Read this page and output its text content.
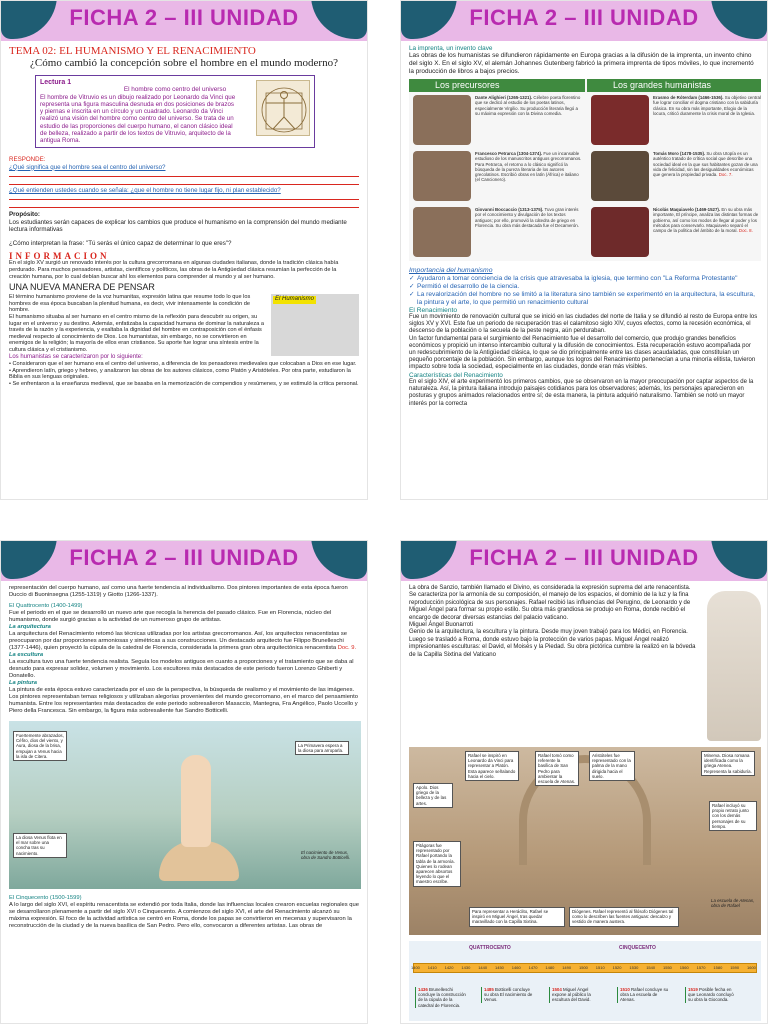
FICHA 2 – III UNIDAD
TEMA 02: EL HUMANISMO Y EL RENACIMIENTO
¿Cómo cambió la concepción sobre el hombre en el mundo moderno?
Lectura 1
El hombre como centro del universo
El hombre de Vitruvio es un dibujo realizado por Leonardo da Vinci que representa una figura masculina desnuda en dos posiciones de brazos y piernas e inscrita en un círculo y un cuadrado. Leonardo da Vinci realizó una visión del hombre como centro del universo. Se trata de un estudio de las proporciones del cuerpo humano, el canon clásico ideal de belleza, realizado a partir de los textos de Vitruvio, arquitecto de la antigua Roma.
RESPONDE:
¿Qué significa que el hombre sea el centro del universo?
¿Qué entienden ustedes cuando se señala: ¿que el hombre no tiene lugar fijo, ni plan establecido?
Propósito:
Los estudiantes serán capaces de explicar los cambios que produce el humanismo en la comprensión del mundo mediante lectura informativas
¿Cómo interpretan la frase: "Tú serás el único capaz de determinar lo que eres"?
INFORMACION
En el siglo XV surgió un renovado interés por la cultura grecorromana en algunas ciudades italianas, donde la tradición clásica había perdurado. Para muchos pensadores, artistas, científicos y políticos, las obras de la Antigüedad clásica resumían la perfección de la creación humana, por lo cual debían buscar ahí los elementos para comprender al mundo y al ser humano.
UNA NUEVA MANERA DE PENSAR
El Humanismo
El término humanismo proviene de la voz humanitas, expresión latina que resume todo lo que los hombres de esa época buscaban la plenitud humana, es decir, vivir intensamente la condición de hombre.
El humanismo situaba al ser humano en el centro mismo de la reflexión para descubrir su origen, su lugar en el universo y su destino. Además, enfatizaba la capacidad humana de dominar la naturaleza a través de la razón y la experiencia, y exaltaba la dignidad del hombre en contraposición con el énfasis medieval respecto al conocimiento de Dios. Los humanistas, sin embargo, no se convirtieron en enemigos de la religión; la mayoría de ellos eran cristianos. Su aporte fue lograr una síntesis entre la cultura clásica y el cristianismo.
Los humanistas se caracterizaron por lo siguiente:
• Consideraron que el ser humano era el centro del universo, a diferencia de los pensadores medievales que colocaban a Dios en ese lugar.
• Aprendieron latín, griego y hebreo, y analizaron las obras de los autores clásicos, como Platón y Aristóteles. Por otra parte, estudiaron la Biblia en sus lenguas originales.
• Se enfrentaron a la enseñanza medieval, que se basaba en la memorización de compendios y resúmenes, y se estimuló la crítica personal.
FICHA 2 – III UNIDAD
La imprenta, un invento clave
Las obras de los humanistas se difundieron rápidamente en Europa gracias a la difusión de la imprenta, un invento chino del siglo X. En el siglo XV, el alemán Johannes Gutenberg fabricó la primera imprenta de tipos móviles, lo que incrementó la producción de libros a bajos precios.
Los precursores	Los grandes humanistas
Dante Alighieri (1265-1321). Célebre poeta florentino que se dedicó al estudio de los poetas latinos, especialmente Virgilio. Su producción literaria llegó a su máxima expresión con la Divina comedia.
Francesco Petrarca (1304-1374). Fue un incansable estudioso de los manuscritos antiguos grecorromanos. Para Petrarca, el retorno a lo clásico significó la búsqueda de la pureza literaria de los autores grecolatinos. Escribió obras en latín (África) e italiano (el Cancionero).
Giovanni Boccaccio (1313-1375). Tuvo gran interés por el conocimiento y divulgación de los textos antiguos; por ello, promovió la cátedra de griego en Florencia. Su obra más destacada fue el Decamerón.
Erasmo de Róterdam (1466-1536). Su objetivo central fue lograr conciliar el dogma cristiano con la sabiduría clásica. En su obra más importante, Elogio de la locura, criticó duramente la crisis moral de la Iglesia.
Tomás Moro (1478-1535). Su obra Utopía es un auténtico tratado de crítica social que describe una sociedad ideal en la que sus habitantes gozan de una vida de felicidad, sin las desigualdades económicas que genera la propiedad privada. Doc. 7.
Nicolás Maquiavelo (1469-1527). En su obra más importante, El príncipe, analiza las distintas formas de gobierno, así como los modos de llegar al poder y los métodos para conservarlo. Maquiavelo separó el campo de la política del ámbito de la moral. Doc. 8.
Importancia del humanismo
✓ Ayudaron a tomar conciencia de la crisis que atravesaba la iglesia, que termino con "La Reforma Protestante"
✓ Permitió el desarrollo de la ciencia.
✓ La revalorización del hombre no se limitó a la literatura sino también se experimentó en la arquitectura, la escultura, la pintura y el arte, lo que permitió un renacimiento cultural
El Renacimiento
Fue un movimiento de renovación cultural que se inició en las ciudades del norte de Italia y se difundió al resto de Europa entre los siglos XV y XVI. Este fue un periodo de recuperación tras el calamitoso siglo XIV, cuyos efectos, como la recesión económica, el descenso de la población o la secuela de la peste negra, aún perduraban.
Un factor fundamental para el surgimiento del Renacimiento fue el desarrollo del comercio, que produjo grandes beneficios económicos y propició un intenso intercambio cultural y la difusión de conocimientos. Esta recuperación estuvo acompañada por un redescubrimiento de la Antigüedad clásica, lo que se dio principalmente entre las clases acaudaladas, que constituían un pequeño porcentaje de la población. Sin embargo, aunque los logros del Renacimiento pertenecían a una minoría elitista, tuvieron impacto sobre toda la sociedad, especialmente en las ciudades, donde eran más visibles.
Características del Renacimiento
En el siglo XIV, el arte experimentó los primeros cambios, que se observaron en la mayor preocupación por captar aspectos de la naturaleza. Así, la pintura italiana introdujo paisajes cotidianos para los observadores; además, los personajes aparecieron en posturas y grupos animados relacionados entre sí; de esta manera, la pintura adquirió naturalismo. También se notó un mayor interés por la correcta
FICHA 2 – III UNIDAD
representación del cuerpo humano, así como una fuerte tendencia al individualismo. Dos pintores importantes de esta época fueron Duccio di Buoninsegna (1255-1319) y Giotto (1266-1337).
El Quattrocento (1400-1499)
Fue el periodo en el que se desarrolló un nuevo arte que recogía la herencia del pasado clásico. Fue en Florencia, núcleo del humanismo, donde surgió gracias a la actividad de un numeroso grupo de artistas.
La arquitectura
La arquitectura del Renacimiento retomó las técnicas utilizadas por los artistas grecorromanos. Así, los arquitectos renacentistas se preocuparon por dar proporciones armoniosas y simétricas a sus construcciones. Un destacado arquitecto fue Filippo Brunelleschi (1377-1446), quien proyectó la cúpula de la catedral de Florencia, considerada la primera gran obra arquitectónica renacentista Doc. 9.
La escultura
La escultura tuvo una fuerte tendencia realista. Seguía los modelos antiguos en cuanto a proporciones y el tratamiento que se daba al desnudo para expresar solidez, volumen y movimiento. Los escultores más destacados de este periodo fueron Lorenzo Ghiberti y Donatello.
La pintura
La pintura de esta época estuvo caracterizada por el uso de la perspectiva, la búsqueda de realismo y el movimiento de las imágenes. Los pintores representaban temas religiosos y utilizaban alegorías provenientes del mundo grecorromano, en el marco del pensamiento humanista. Entre los representantes más destacados de este periodo sobresalieron Masaccio, Mantegna, Fra Angélico, Paolo Uccello y Piero della Francesca. Sin embargo, la figura más sobresaliente fue Sandro Botticelli.
Fuertemente abrazados, Céfiro, dios del viento, y Aura, diosa de la brisa, empujan a Venus hacia la isla de Citera.
La Primavera espera a la diosa para arroparla.
La diosa Venus flota en el mar sobre una concha tras su nacimiento.	El nacimiento de Venus, obra de Sandro Botticelli.
El Cinquecento (1500-1599)
A lo largo del siglo XVI, el espíritu renacentista se extendió por toda Italia, donde las influencias locales crearon escuelas regionales que se desarrollaron plenamente a partir del siglo XVI o Cinquecento. A comienzos del siglo XVI, el arte del Renacimiento alcanzó su máxima expresión. El foco de la actividad artística se centró en Roma, donde los papas se convirtieron en mecenas y supervisaron la reconstrucción de la ciudad y de la nueva basílica de San Pedro. Pero ello, convocaron a diferentes artistas. Las obras de
FICHA 2 – III UNIDAD
La obra de Sanzio, también llamado el Divino, es considerada la expresión suprema del arte renacentista.
Se caracteriza por la armonía de su composición, el manejo de los espacios, el dominio de la luz y la fina reproducción psicológica de sus personajes. Rafael recibió las influencias del Perugino, de Leonardo y de Miguel Ángel para formar su propio estilo. Su obra más grandiosa se produjo en Roma, donde recibió el encargo de decorar diversas estancias del palacio vaticano.
Miguel Ángel Buonarroti
Genio de la arquitectura, la escultura y la pintura. Desde muy joven trabajó para los Médici, en Florencia.
Luego se trasladó a Roma, donde estuvo bajo la protección de varios papas. Miguel Ángel realizó impresionantes esculturas: el David, el Moisés y la Piedad. Su obra pictórica cumbre la realizó en la bóveda de la Capilla Sixtina del Vaticano
Rafael se inspiró en Leonardo da Vinci para representar a Platón. Esta aparece señalando hacia el cielo.
Rafael tomó como referente la basílica de San Pedro para ambientar la escuela de Atenas.
Aristóteles fue representado con la palma de la mano dirigida hacia el suelo.
Minerva. Diosa romana identificada como la griega Atenea. Representa la sabiduría.
Apolo. Dios griego de la belleza y de las artes.	Rafael incluyó su propio retrato junto con los demás personajes de su tiempo.
Pitágoras fue representado por Rafael portando la tabla de la armonía. Quienes lo rodean aparecen absortos leyendo lo que el maestro escribe.
Para representar a Heráclito, Rafael se inspiró en Miguel Ángel, tras quedar maravillado con la Capilla Sixtina.
Diógenes. Rafael representó al filósofo Diógenes tal como lo describen las fuentes antiguas: descalzo y vestido de manera austera.
La escuela de Atenas, obra de Rafael
QUATTROCENTO	CINQUECENTO
1400 1410 1420 1430 1440 1450 1460 1470 1480 1490 1500 1510 1520 1530 1540 1550 1560 1570 1580 1590 1600
1436 Brunelleschi concluye la construcción de la cúpula de la catedral de Florencia.
1485 Botticelli concluye su obra El nacimiento de Venus.
1504 Miguel Ángel expone al público la escultura del David.
1510 Rafael concluye su obra La escuela de Atenas.
1519 Posible fecha en que Leonardo concluyó su obra la Gioconda.
